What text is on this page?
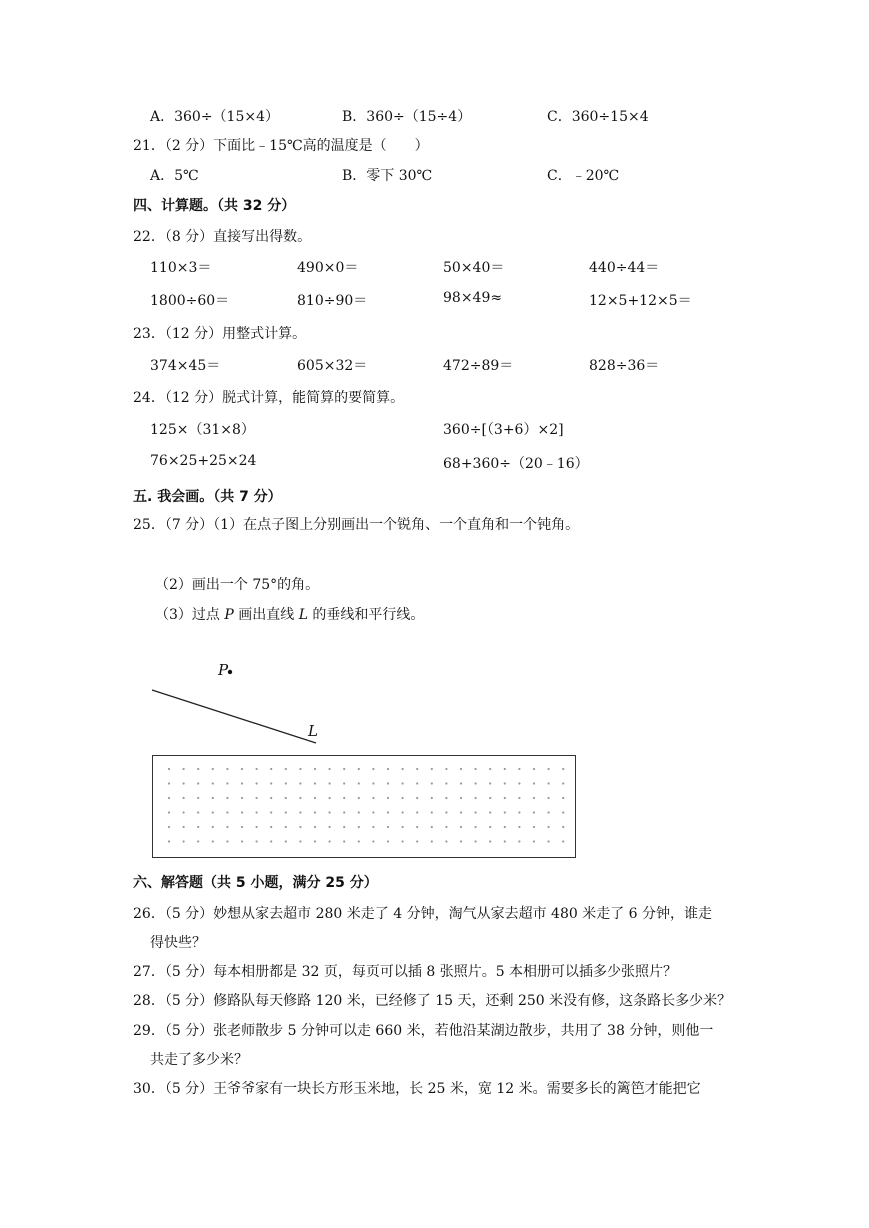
A．360÷（15×4）	B．360÷（15÷4）	C．360÷15×4
21．（2 分）下面比﹣15℃高的温度是（　　）
A．5℃	B．零下 30℃	C．﹣20℃
四、计算题。（共 32 分）
22．（8 分）直接写出得数。
110×3＝	490×0＝	50×40＝	440÷44＝
1800÷60＝	810÷90＝	98×49≈	12×5+12×5＝
23．（12 分）用整式计算。
374×45＝	605×32＝	472÷89＝	828÷36＝
24．（12 分）脱式计算，能简算的要简算。
125×（31×8）	360÷[（3+6）×2]
76×25+25×24	68+360÷（20﹣16）
五. 我会画。（共 7 分）
25．（7 分）（1）在点子图上分别画出一个锐角、一个直角和一个钝角。
（2）画出一个 75°的角。
（3）过点 P 画出直线 L 的垂线和平行线。
P
L
六、解答题（共 5 小题，满分 25 分）
26．（5 分）妙想从家去超市 280 米走了 4 分钟，淘气从家去超市 480 米走了 6 分钟，谁走
得快些？
27．（5 分）每本相册都是 32 页，每页可以插 8 张照片。5 本相册可以插多少张照片？
28．（5 分）修路队每天修路 120 米，已经修了 15 天，还剩 250 米没有修，这条路长多少米？
29．（5 分）张老师散步 5 分钟可以走 660 米，若他沿某湖边散步，共用了 38 分钟，则他一
共走了多少米？
30．（5 分）王爷爷家有一块长方形玉米地，长 25 米，宽 12 米。需要多长的篱笆才能把它
